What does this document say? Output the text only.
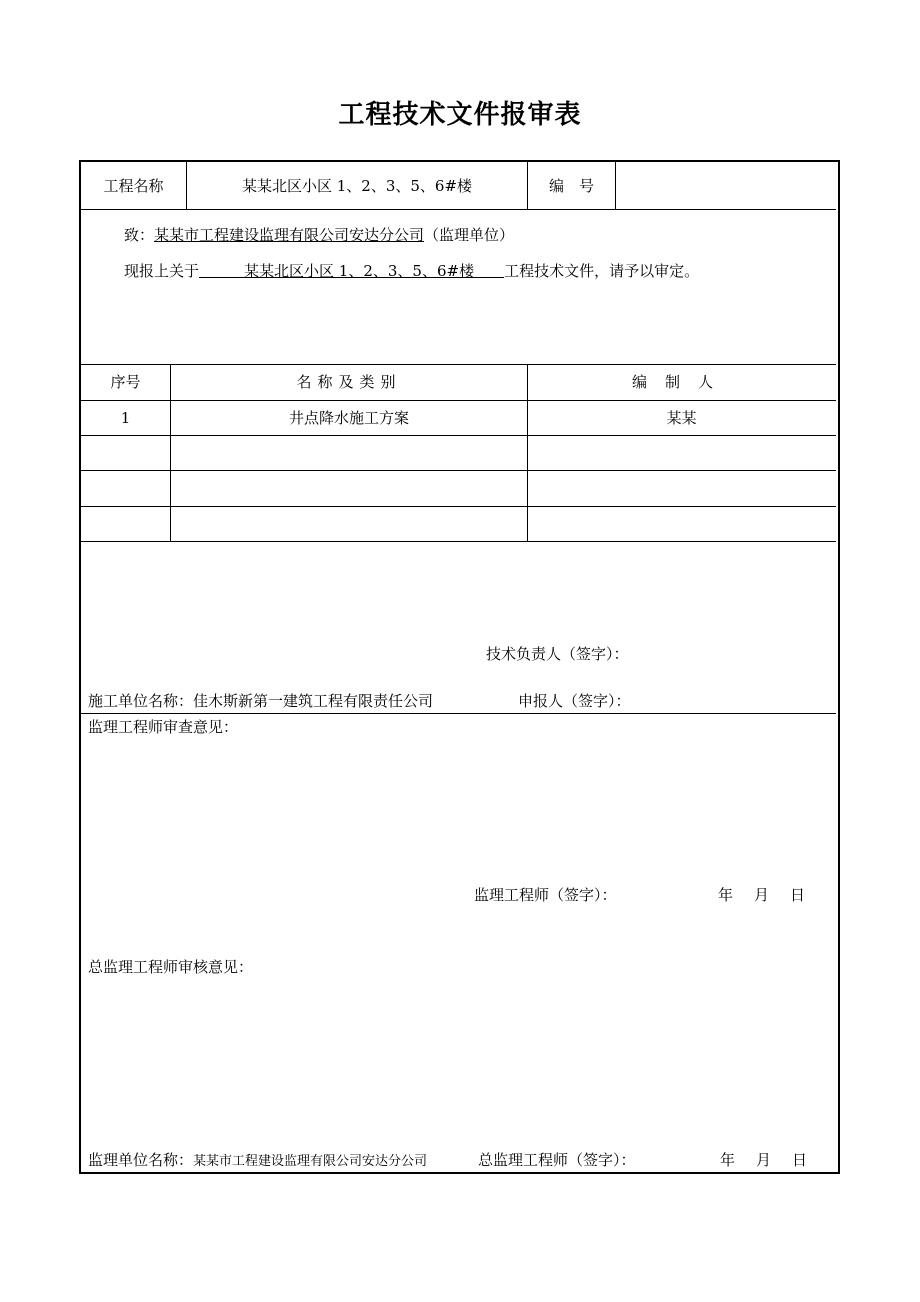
工程技术文件报审表
工程名称	某某北区小区 1、2、3、5、6#楼	编　号
致：某某市工程建设监理有限公司安达分公司（监理单位）
现报上关于　　　某某北区小区 1、2、3、5、6#楼　　工程技术文件，请予以审定。
序号	名称及类别	编制人
1	井点降水施工方案	某某
技术负责人（签字）：
施工单位名称：佳木斯新第一建筑工程有限责任公司	申报人（签字）：
监理工程师审查意见：
监理工程师（签字）：	年　月　日
总监理工程师审核意见：
监理单位名称：某某市工程建设监理有限公司安达分公司	总监理工程师（签字）：	年　月　日
